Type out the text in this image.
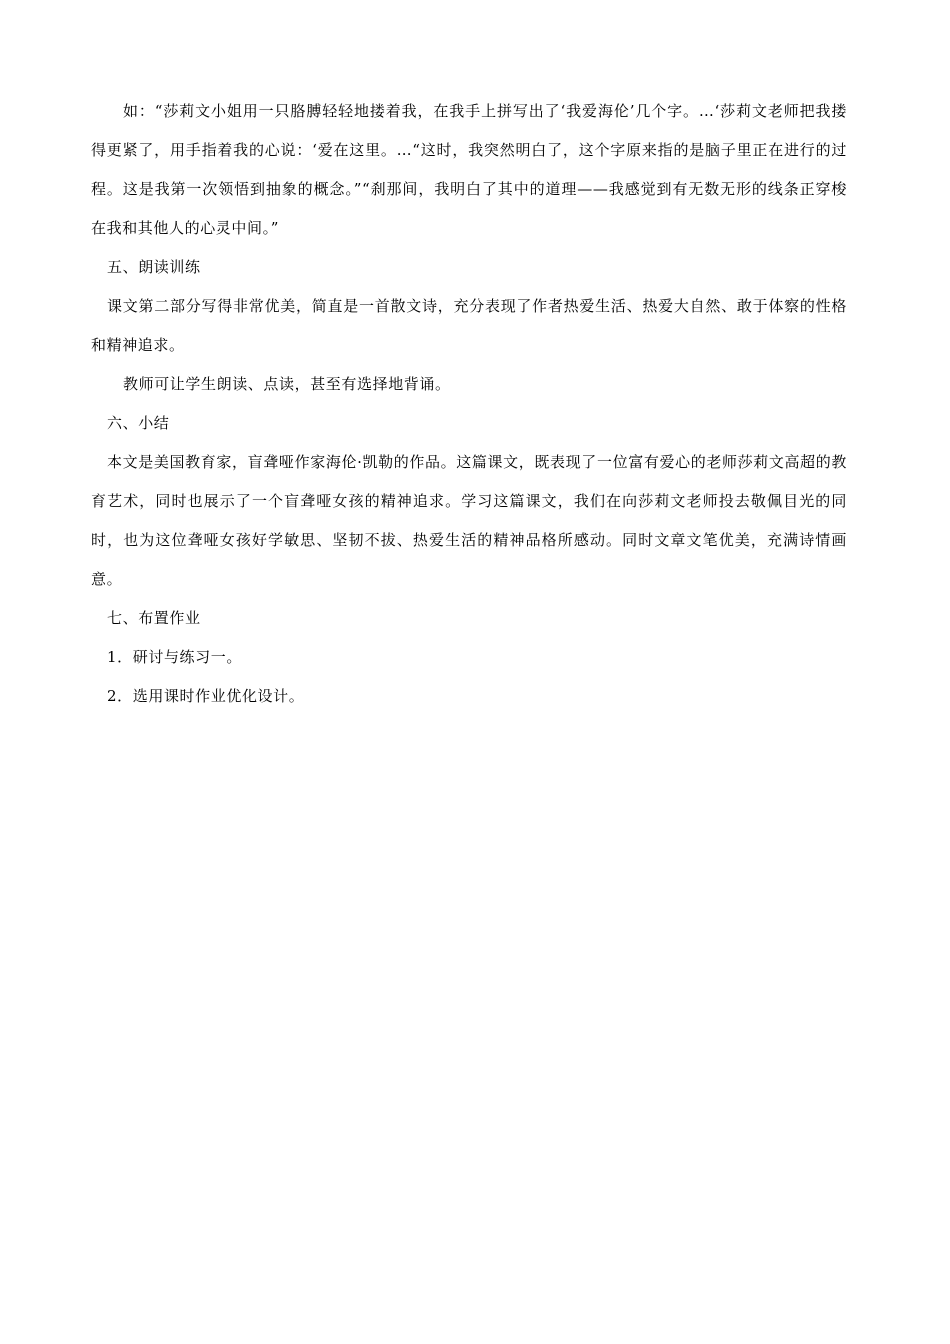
如：“莎莉文小姐用一只胳膊轻轻地搂着我，在我手上拼写出了‘我爱海伦’几个字。…‘莎莉文老师把我搂得更紧了，用手指着我的心说：‘爱在这里。…“这时，我突然明白了，这个字原来指的是脑子里正在进行的过程。这是我第一次领悟到抽象的概念。”“刹那间，我明白了其中的道理——我感觉到有无数无形的线条正穿梭在我和其他人的心灵中间。”

五、朗读训练

课文第二部分写得非常优美，简直是一首散文诗，充分表现了作者热爱生活、热爱大自然、敢于体察的性格和精神追求。

教师可让学生朗读、点读，甚至有选择地背诵。

六、小结

本文是美国教育家，盲聋哑作家海伦·凯勒的作品。这篇课文，既表现了一位富有爱心的老师莎莉文高超的教育艺术，同时也展示了一个盲聋哑女孩的精神追求。学习这篇课文，我们在向莎莉文老师投去敬佩目光的同时，也为这位聋哑女孩好学敏思、坚韧不拔、热爱生活的精神品格所感动。同时文章文笔优美，充满诗情画意。

七、布置作业

1．研讨与练习一。

2．选用课时作业优化设计。
